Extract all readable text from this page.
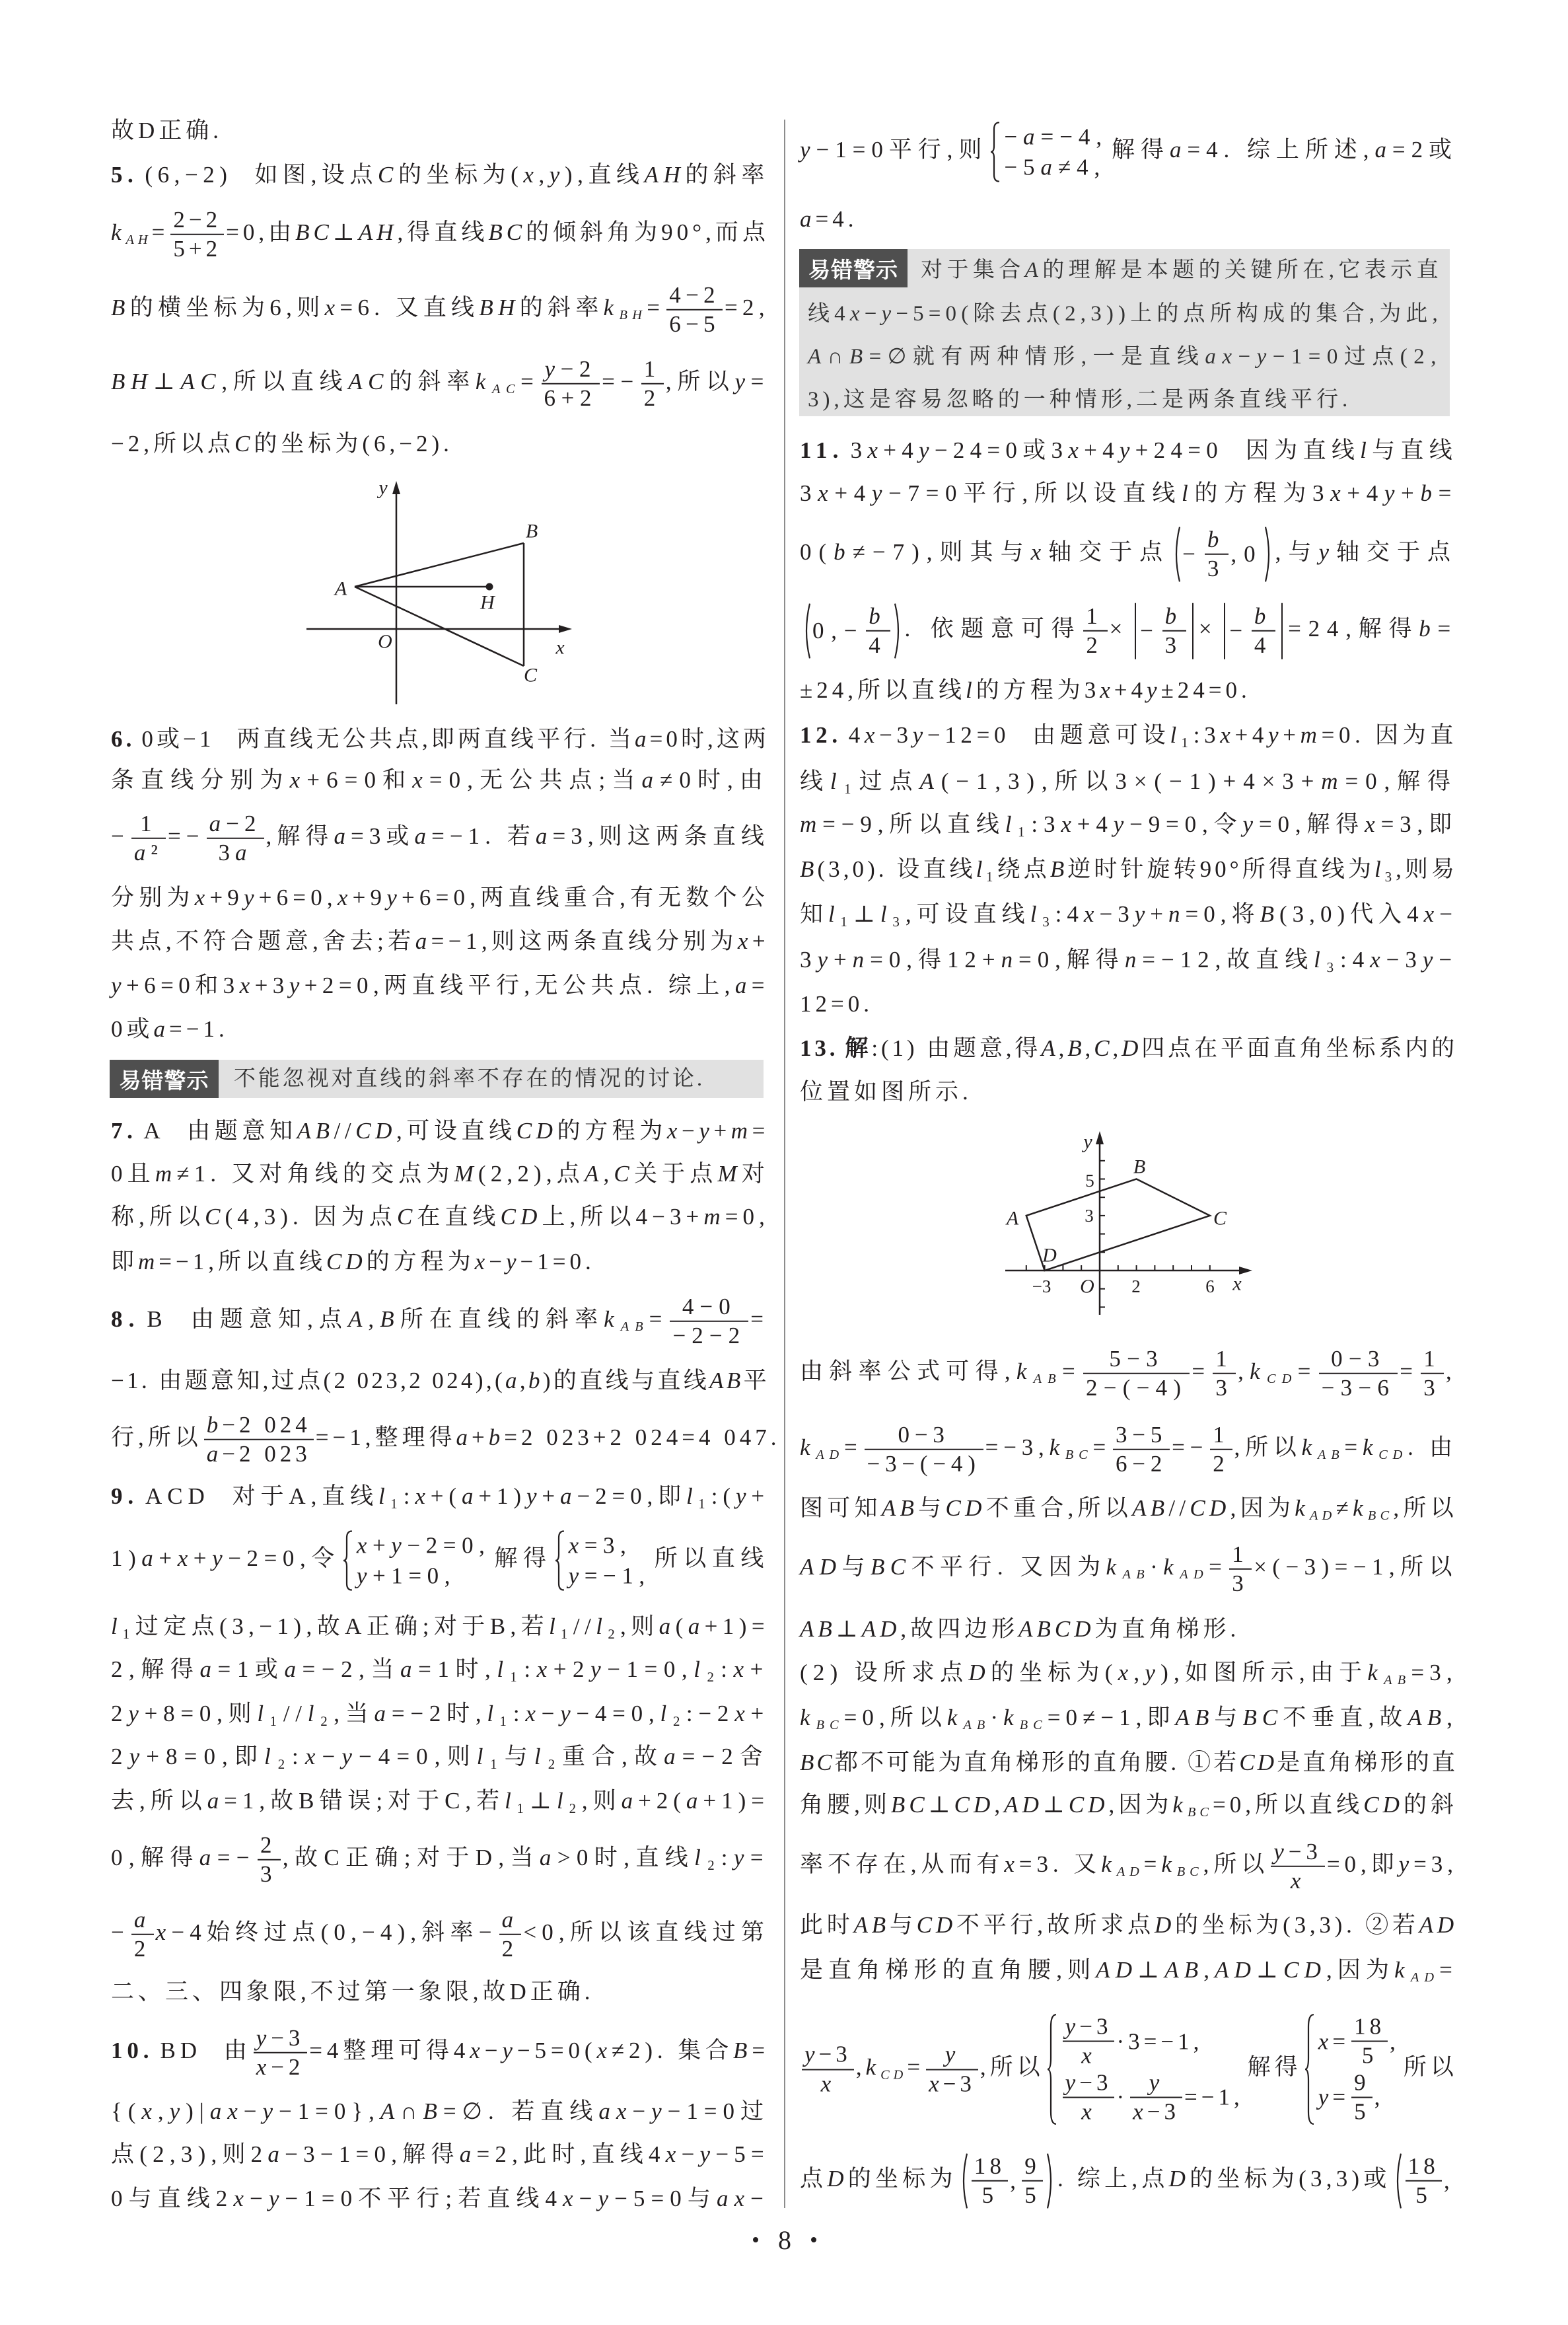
故D正确.
5. (6,−2) 如图,设点C的坐标为(x,y),直线AH的斜率
$k_{AH}= \frac{2-2}{5+2} =0$,由BC⊥AH,得直线BC的倾斜角为90°,而点
B的横坐标为6,则x=6. 又直线BH的斜率$k_{BH}= \frac{4-2}{6-5} =2$,
BH⊥AC,所以直线AC的斜率$k_{AC}= \frac{y-2}{6+2} =- \frac{1}{2}$ ,所以y=
−2,所以点C的坐标为(6,−2).
y
B
A
H
O	x
C
6. 0或−1 两直线无公共点,即两直线平行. 当a=0时,这两
条直线分别为x+6=0和x=0,无公共点;当a≠0时,由
− $\frac{1}{\text{a²}} =- \frac{a-2}{3a}$ ,解得a=3或a=−1. 若a=3,则这两条直线
分别为x+9y+6=0,x+9y+6=0,两直线重合,有无数个公
共点,不符合题意,舍去;若a=−1,则这两条直线分别为x+
y+6=0和3x+3y+2=0,两直线平行,无公共点. 综上,a=
0或a=−1.
易错警示	不能忽视对直线的斜率不存在的情况的讨论.
7. A 由题意知AB//CD,可设直线CD的方程为x−y+m=
0且m≠1. 又对角线的交点为M(2,2),点A,C关于点M对
称,所以C(4,3). 因为点C在直线CD上,所以4−3+m=0,
即m=−1,所以直线CD的方程为x−y−1=0.
8. B 由题意知,点A,B所在直线的斜率$k_{AB}= \frac{4-0}{-2-2}$ =
−1. 由题意知,过点(2 023,2 024),(a,b)的直线与直线AB平
行,所以 $\frac{b-2 024}{a-2 023} =-1$,整理得a+b=2 023+2 024=4 047.
9. ACD 对于A,直线l₁:x+(a+1)y+a−2=0,即l₁:(y+
1)a+x+y−2=0,令
x + y −2=0,
y +1=0,
解得
x =3,
y =−1,
所以直线
l₁过定点(3,−1),故A正确;对于B,若l₁//l₂,则a(a+1)=
2,解得a=1或a=−2,当a=1时,l₁:x+2y−1=0,l₂:x+
2y+8=0,则l₁//l₂,当a=−2时,l₁:x−y−4=0,l₂:−2x+
2y+8=0,即l₂:x−y−4=0,则l₁与l₂重合,故a=−2舍
去,所以a=1,故B错误;对于C,若l₁⊥l₂,则a+2(a+1)=
0,解得$a=- \frac{2}{3}$ ,故C正确;对于D,当a>0时,直线l₂:y=
− $\frac{a}{2} x-4$始终过点(0,−4),斜率− $\frac{a}{2} <0$,所以该直线过第
二、三、四象限,不过第一象限,故D正确.
10. BD 由 $\frac{y-3}{x-2} =4$整理可得4x−y−5=0(x≠2). 集合B=
{(x,y)|ax−y−1=0},A∩B=∅. 若直线ax−y−1=0过
点(2,3),则2a−3−1=0,解得a=2,此时,直线4x−y−5=
0与直线2x−y−1=0不平行;若直线4x−y−5=0与ax−
y−1=0平行,则
− a =−4,
−5 a ≠4,
解得a=4. 综上所述,a=2或
a=4.
易错警示	对于集合A的理解是本题的关键所在,它表示直
线4x−y−5=0(除去点(2,3))上的点所构成的集合,为此,
A∩B=∅就有两种情形,一是直线ax−y−1=0过点(2,
3),这是容易忽略的一种情形,二是两条直线平行.
11. 3x+4y−24=0或3x+4y+24=0 因为直线l与直线
3x+4y−7=0平行,所以设直线l的方程为3x+4y+b=
0(b≠−7),则其与x轴交于点 − $\frac{b}{3} ,0$ ,与y轴交于点
$0,- \frac{b}{4}$ . 依题意可得 $\frac{1}{2}$ × − $\frac{b}{3}$ × − $\frac{b}{4} =24$,解得b=
±24,所以直线l的方程为3x+4y±24=0.
12. 4x−3y−12=0 由题意可设l₁:3x+4y+m=0. 因为直
线l₁过点A(−1,3),所以3×(−1)+4×3+m=0,解得
m=−9,所以直线l₁:3x+4y−9=0,令y=0,解得x=3,即
B(3,0). 设直线l₁绕点B逆时针旋转90°所得直线为l₃,则易
知l₁⊥l₃,可设直线l₃:4x−3y+n=0,将B(3,0)代入4x−
3y+n=0,得12+n=0,解得n=−12,故直线l₃:4x−3y−
12=0.
13. 解:(1) 由题意,得A,B,C,D四点在平面直角坐标系内的
位置如图所示.
y
B
5
A	3	C
D
−3 O 2	6 x
由斜率公式可得$,k_{AB}= \frac{5-3}{2-(-4)} = \frac{1}{3} ,k_{CD}= \frac{0-3}{-3-6} = \frac{1}{3}$ ,
$k_{AD}= \frac{0-3}{-3-(-4)} =-3,k_{BC}= \frac{3-5}{6-2} =- \frac{1}{2}$ ,所以$k_{AB}=k_{CD}$. 由
图可知AB与CD不重合,所以AB//CD,因为$k_{AD}\ne k_{BC}$,所以
AD与BC不平行. 又因为$k_{AB}\cdot k_{AD}= \frac{1}{3} \times(-3)=-1$,所以
AB⊥AD,故四边形ABCD为直角梯形.
(2) 设所求点D的坐标为(x,y),如图所示,由于$k_{AB}=3$,
$k_{BC}=0$,所以$k_{AB}\cdot k_{BC}=0\ne-1$,即AB与BC不垂直,故AB,
BC都不可能为直角梯形的直角腰. ①若CD是直角梯形的直
角腰,则BC⊥CD,AD⊥CD,因为$k_{BC}=0$,所以直线CD的斜
率不存在,从而有x=3. 又$k_{AD}=k_{BC}$,所以 $\frac{y-3}{x} =0$,即y=3,
此时AB与CD不平行,故所求点D的坐标为(3,3). ②若AD
是直角梯形的直角腰,则AD⊥AB,AD⊥CD,因为$k_{AD}=$
$\frac{y-3}{x} ,k_{CD}= \frac{y}{x-3}$ ,所以 $\frac{y-3}{x} \cdot 3=-1$,
$\frac{y-3}{x} \cdot \frac{y}{x-3} =-1$,
解得
$x= \frac{18}{5}$ ,
$y= \frac{9}{5}$ ,
所以
点D的坐标为 $\frac{18}{5}$ , $\frac{9}{5}$ . 综上,点D的坐标为(3,3)或 $\frac{18}{5}$ ,
8
